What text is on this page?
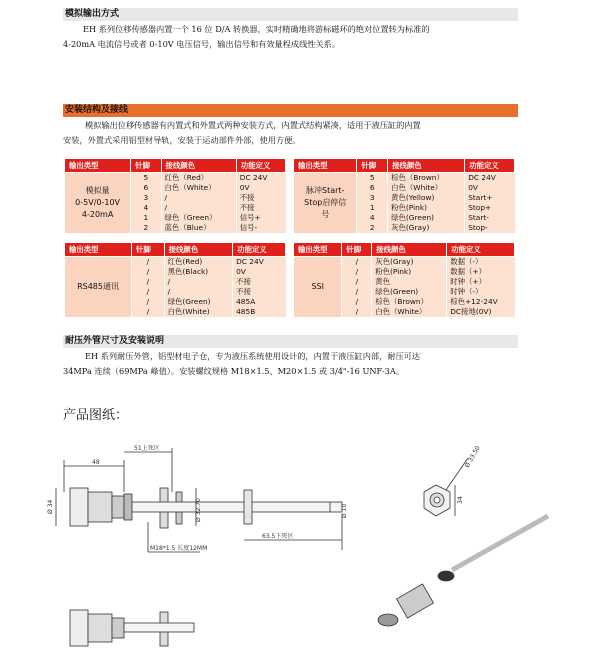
模拟输出方式

EH 系列位移传感器内置一个 16 位 D/A 转换器，实时精确地将游标磁环的绝对位置转为标准的

4-20mA 电流信号或者 0-10V 电压信号，输出信号和有效量程成线性关系。

安装结构及接线

模拟输出位移传感器有内置式和外置式两种安装方式，内置式结构紧凑，适用于液压缸的内置

安装，外置式采用铝型材导轨，安装于运动部件外部，使用方便。

输出类型	针脚	接线颜色	功能定义

模拟量
0-5V/0-10V
4-20mA	5	红色（Red）	DC 24V
	6	白色（White）	0V
	3	/	不接
	4	/	不接
	1	绿色（Green）	信号+
	2	蓝色（Blue）	信号-
输出类型	针脚	接线颜色	功能定义

脉冲Start-
Stop启停信
号	5	棕色（Brown）	DC 24V
	6	白色（White）	0V
	3	黄色(Yellow)	Start+
	1	粉色(Pink)	Stop+
	4	绿色(Green)	Start-
	2	灰色(Gray)	Stop-
输出类型	针脚	接线颜色	功能定义

RS485通讯	/	红色(Red)	DC 24V
	/	黑色(Black)	0V
	/	/	不接
	/	/	不接
	/	绿色(Green)	485A
	/	白色(White)	485B
输出类型	针脚	接线颜色	功能定义

SSI	/	灰色(Gray)	数据（-）
	/	粉色(Pink)	数据（+）
	/	黄色	时钟（+）
	/	绿色(Green)	时钟（-）
	/	棕色（Brown）	棕色+12-24V
	/	白色（White）	DC接地(0V)
耐压外管尺寸及安装说明

EH 系列耐压外管，铝型材电子仓，专为液压系统使用设计的，内置于液压缸内部，耐压可达

34MPa 连续（69MPa 峰值）。安装螺纹规格 M18×1.5、M20×1.5 或 3/4"-16 UNF-3A。

产品图纸：
48
51上死区
Ø 34	Ø 32.70	Ø 10
M18*1.5 长度12MM
63.5下死区
Ø 33.50
34
